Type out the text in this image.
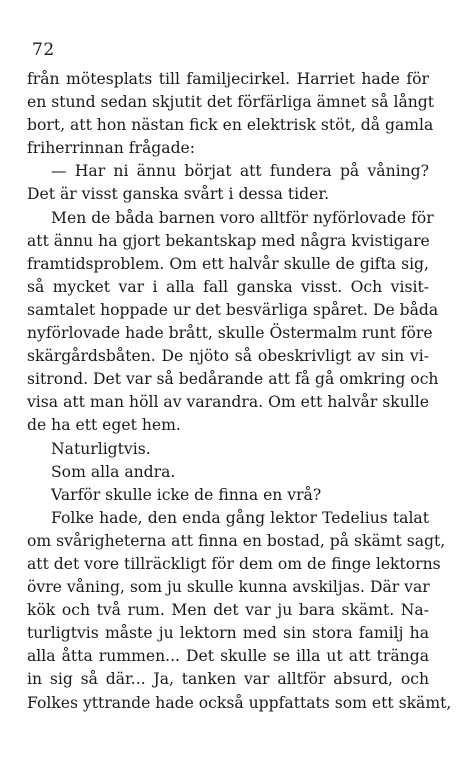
72
från mötesplats till familjecirkel. Harriet hade för
en stund sedan skjutit det förfärliga ämnet så långt
bort, att hon nästan fick en elektrisk stöt, då gamla
friherrinnan frågade:
— Har ni ännu börjat att fundera på våning?
Det är visst ganska svårt i dessa tider.
Men de båda barnen voro alltför nyförlovade för
att ännu ha gjort bekantskap med några kvistigare
framtidsproblem. Om ett halvår skulle de gifta sig,
så mycket var i alla fall ganska visst. Och visit-
samtalet hoppade ur det besvärliga spåret. De båda
nyförlovade hade brått, skulle Östermalm runt före
skärgårdsbåten. De njöto så obeskrivligt av sin vi-
sitrond. Det var så bedårande att få gå omkring och
visa att man höll av varandra. Om ett halvår skulle
de ha ett eget hem.
Naturligtvis.
Som alla andra.
Varför skulle icke de finna en vrå?
Folke hade, den enda gång lektor Tedelius talat
om svårigheterna att finna en bostad, på skämt sagt,
att det vore tillräckligt för dem om de finge lektorns
övre våning, som ju skulle kunna avskiljas. Där var
kök och två rum. Men det var ju bara skämt. Na-
turligtvis måste ju lektorn med sin stora familj ha
alla åtta rummen... Det skulle se illa ut att tränga
in sig så där... Ja, tanken var alltför absurd, och
Folkes yttrande hade också uppfattats som ett skämt,
